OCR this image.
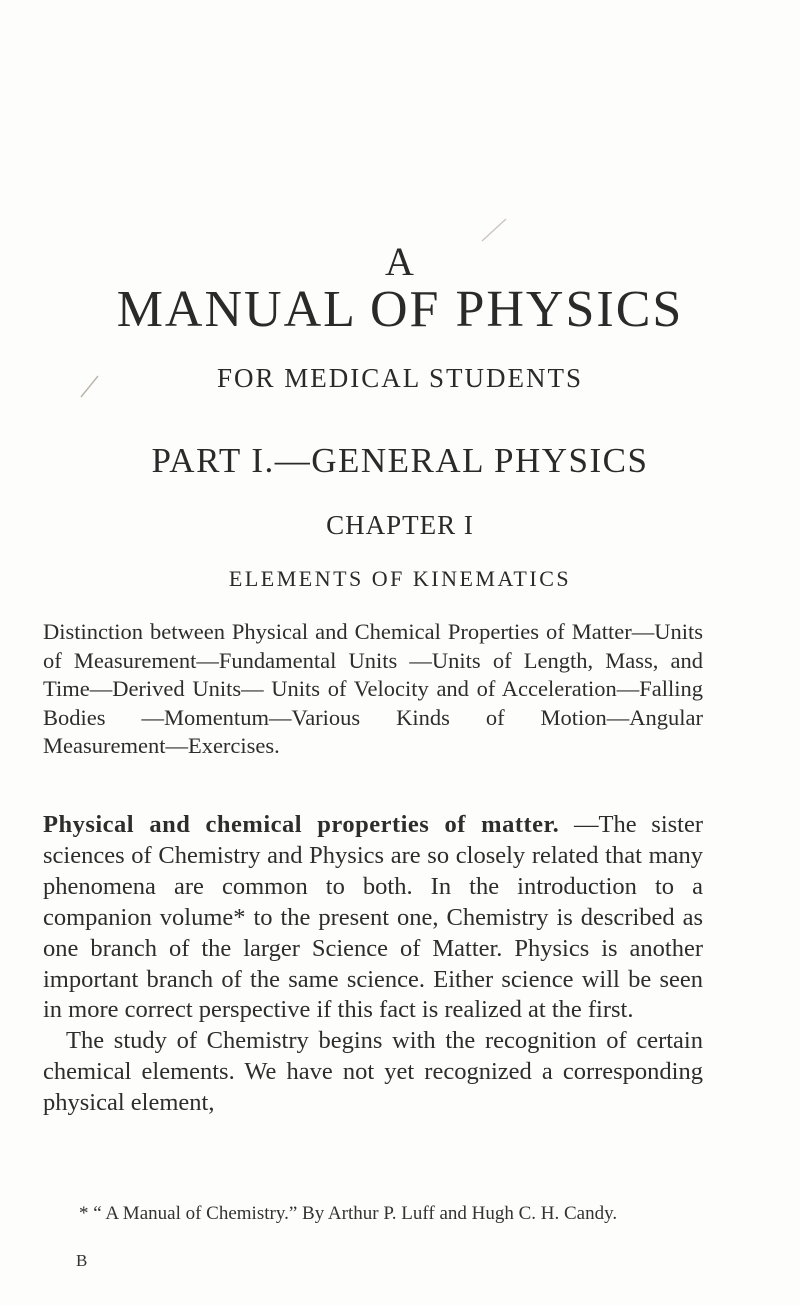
A
MANUAL OF PHYSICS
FOR MEDICAL STUDENTS
PART I.—GENERAL PHYSICS
CHAPTER I
ELEMENTS OF KINEMATICS
Distinction between Physical and Chemical Properties of Matter—Units of Measurement—Fundamental Units —Units of Length, Mass, and Time—Derived Units— Units of Velocity and of Acceleration—Falling Bodies —Momentum—Various Kinds of Motion—Angular Measurement—Exercises.

Physical and chemical properties of matter. —The sister sciences of Chemistry and Physics are so closely related that many phenomena are common to both. In the introduction to a companion volume* to the present one, Chemistry is described as one branch of the larger Science of Matter. Physics is another important branch of the same science. Either science will be seen in more correct perspective if this fact is realized at the first.

The study of Chemistry begins with the recognition of certain chemical elements. We have not yet recognized a corresponding physical element,

* “ A Manual of Chemistry.” By Arthur P. Luff and Hugh C. H. Candy.
B
